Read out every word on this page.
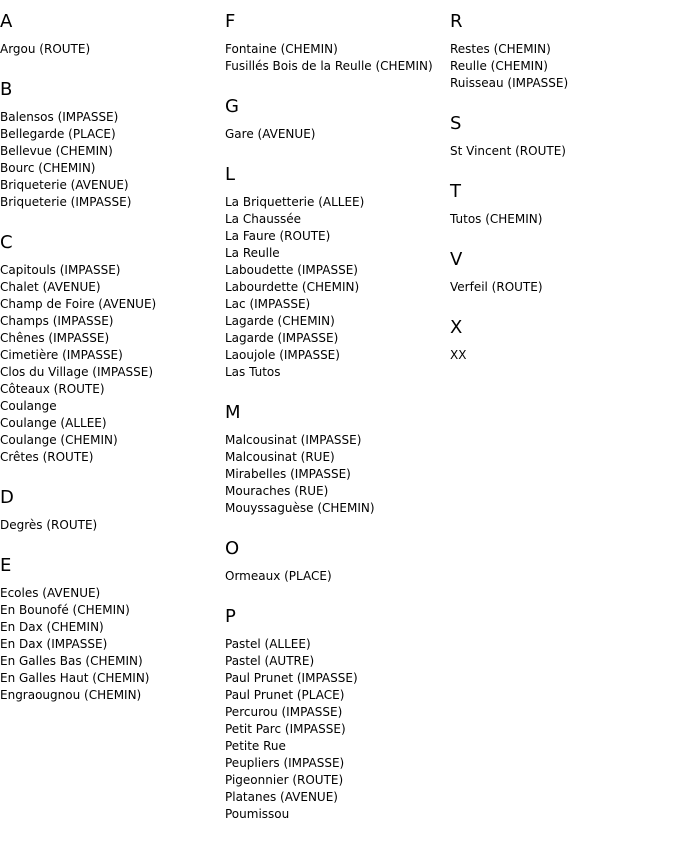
A
Argou (ROUTE)
B
Balensos (IMPASSE)
Bellegarde (PLACE)
Bellevue (CHEMIN)
Bourc (CHEMIN)
Briqueterie (AVENUE)
Briqueterie (IMPASSE)
C
Capitouls (IMPASSE)
Chalet (AVENUE)
Champ de Foire (AVENUE)
Champs (IMPASSE)
Chênes (IMPASSE)
Cimetière (IMPASSE)
Clos du Village (IMPASSE)
Côteaux (ROUTE)
Coulange
Coulange (ALLEE)
Coulange (CHEMIN)
Crêtes (ROUTE)
D
Degrès (ROUTE)
E
Ecoles (AVENUE)
En Bounofé (CHEMIN)
En Dax (CHEMIN)
En Dax (IMPASSE)
En Galles Bas (CHEMIN)
En Galles Haut (CHEMIN)
Engraougnou (CHEMIN)
F
Fontaine (CHEMIN)
Fusillés Bois de la Reulle (CHEMIN)
G
Gare (AVENUE)
L
La Briquetterie (ALLEE)
La Chaussée
La Faure (ROUTE)
La Reulle
Laboudette (IMPASSE)
Labourdette (CHEMIN)
Lac (IMPASSE)
Lagarde (CHEMIN)
Lagarde (IMPASSE)
Laoujole (IMPASSE)
Las Tutos
M
Malcousinat (IMPASSE)
Malcousinat (RUE)
Mirabelles (IMPASSE)
Mouraches (RUE)
Mouyssaguèse (CHEMIN)
O
Ormeaux (PLACE)
P
Pastel (ALLEE)
Pastel (AUTRE)
Paul Prunet (IMPASSE)
Paul Prunet (PLACE)
Percurou (IMPASSE)
Petit Parc (IMPASSE)
Petite Rue
Peupliers (IMPASSE)
Pigeonnier (ROUTE)
Platanes (AVENUE)
Poumissou
R
Restes (CHEMIN)
Reulle (CHEMIN)
Ruisseau (IMPASSE)
S
St Vincent (ROUTE)
T
Tutos (CHEMIN)
V
Verfeil (ROUTE)
X
XX
